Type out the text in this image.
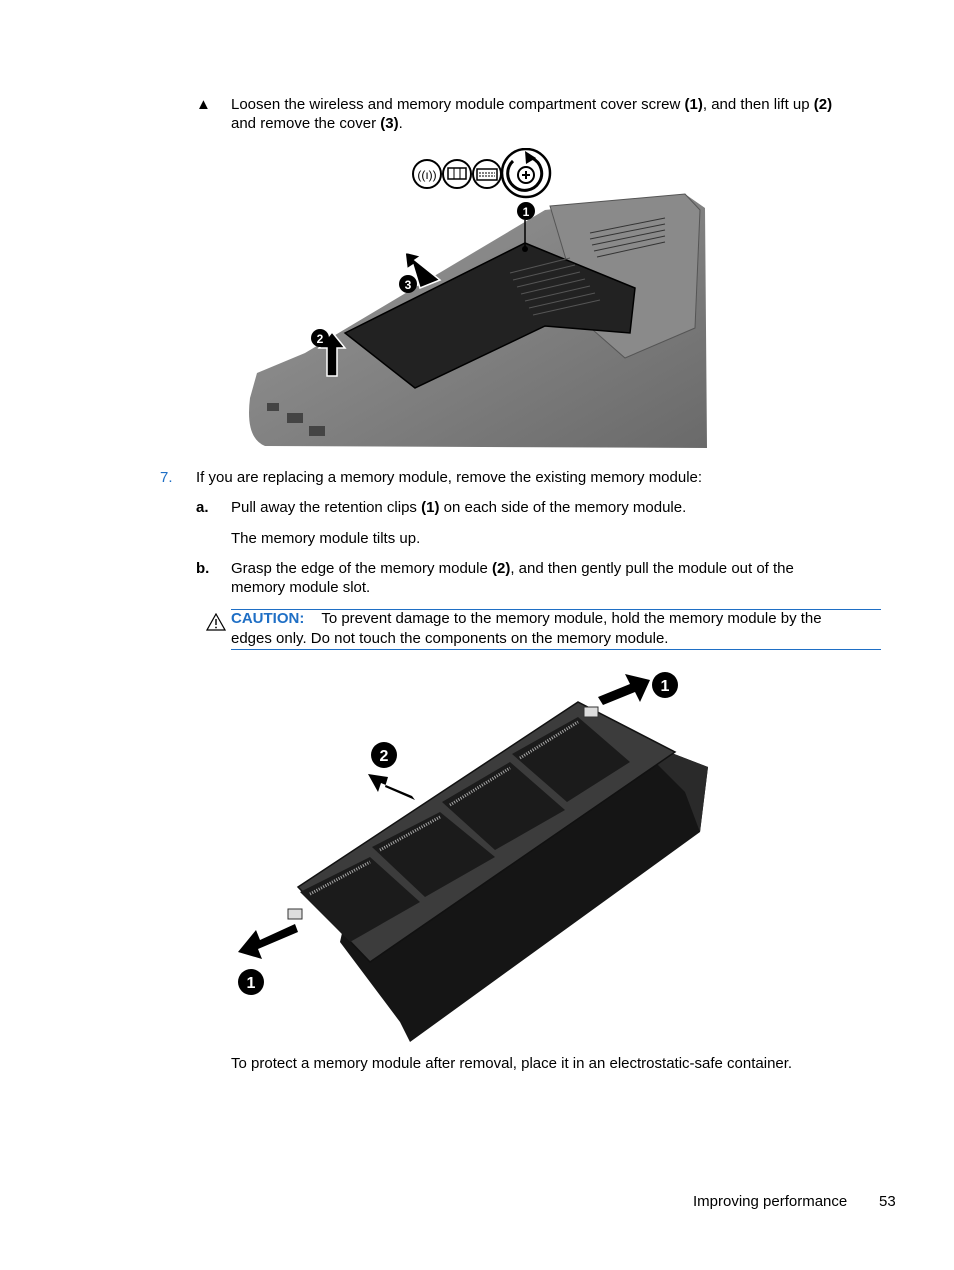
▲ Loosen the wireless and memory module compartment cover screw (1), and then lift up (2)
and remove the cover (3).
((ı))
1
2
3
7. If you are replacing a memory module, remove the existing memory module:
a. Pull away the retention clips (1) on each side of the memory module.
The memory module tilts up.
b. Grasp the edge of the memory module (2), and then gently pull the module out of the
memory module slot.
CAUTION: To prevent damage to the memory module, hold the memory module by the
edges only. Do not touch the components on the memory module.
1
2
1
To protect a memory module after removal, place it in an electrostatic-safe container.
Improving performance 53
